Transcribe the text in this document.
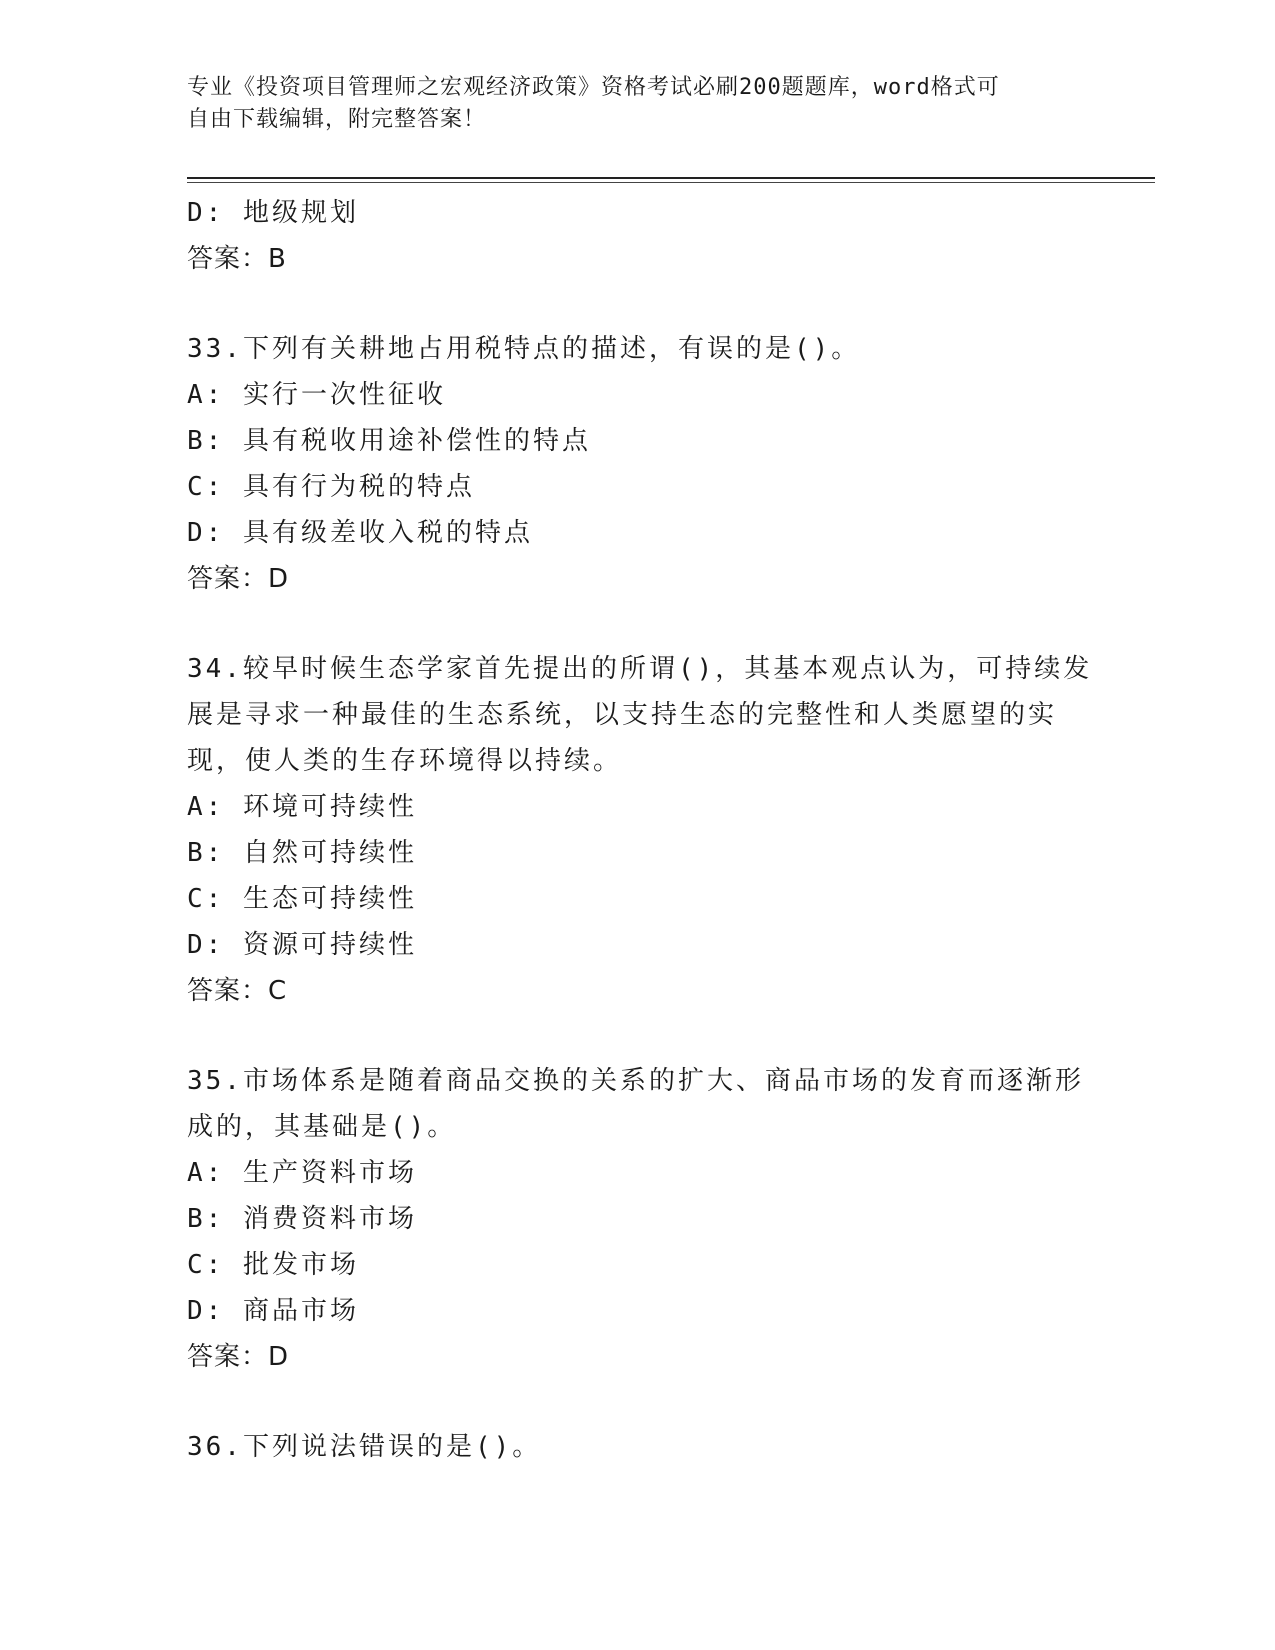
专业《投资项目管理师之宏观经济政策》资格考试必刷200题题库，word格式可
自由下载编辑，附完整答案！
D: 地级规划
答案：B
33.下列有关耕地占用税特点的描述，有误的是()。
A: 实行一次性征收
B: 具有税收用途补偿性的特点
C: 具有行为税的特点
D: 具有级差收入税的特点
答案：D
34.较早时候生态学家首先提出的所谓()，其基本观点认为，可持续发
展是寻求一种最佳的生态系统，以支持生态的完整性和人类愿望的实
现，使人类的生存环境得以持续。
A: 环境可持续性
B: 自然可持续性
C: 生态可持续性
D: 资源可持续性
答案：C
35.市场体系是随着商品交换的关系的扩大、商品市场的发育而逐渐形
成的，其基础是()。
A: 生产资料市场
B: 消费资料市场
C: 批发市场
D: 商品市场
答案：D
36.下列说法错误的是()。
